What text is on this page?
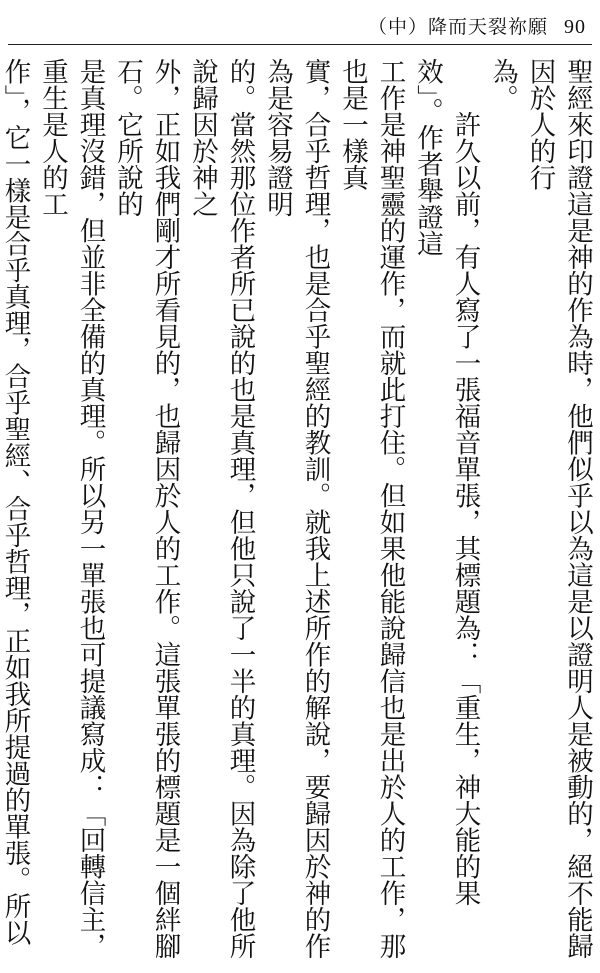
（中）降而天裂祢願 90

聖經來印證這是神的作為時，他們似乎以為這是以證明人是被動的，絕不能歸因於人的行

為。

　　許久以前，有人寫了一張福音單張，其標題為：「重生，神大能的果效」。作者舉證這

工作是神聖靈的運作，而就此打住。但如果他能說歸信也是出於人的工作，那也是一樣真

實，合乎哲理，也是合乎聖經的教訓。就我上述所作的解說，要歸因於神的作為是容易證明

的。當然那位作者所已說的也是真理，但他只說了一半的真理。因為除了他所說歸因於神之

外，正如我們剛才所看見的，也歸因於人的工作。這張單張的標題是一個絆腳石。它所說的

是真理沒錯，但並非全備的真理。所以另一單張也可提議寫成：「回轉信主，重生是人的工

作」，它一樣是合乎真理，合乎聖經、合乎哲理，正如我所提過的單張。所以
